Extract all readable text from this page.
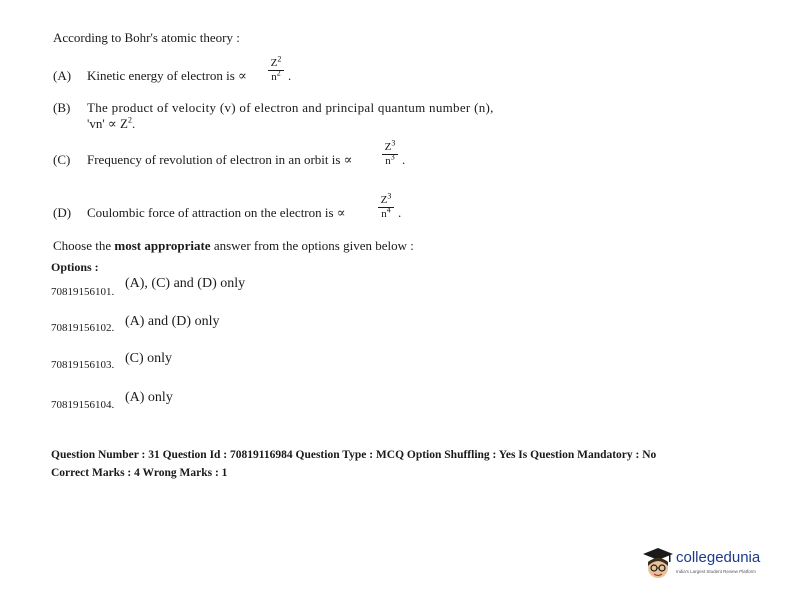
According to Bohr's atomic theory :
(A) Kinetic energy of electron is ∝
$Z^2$
$n^2$ .
(B) The product of velocity (v) of electron and principal quantum number (n),
'$vn' \propto Z^2$.
(C) Frequency of revolution of electron in an orbit is ∝
$Z^3$
$n^3$ .
(D) Coulombic force of attraction on the electron is ∝
$Z^3$
$n^4$ .
Choose the most appropriate answer from the options given below :
Options :
70819156101.
(A), (C) and (D) only
70819156102. (A) and (D) only
70819156103. (C) only
70819156104. (A) only
Question Number : 31 Question Id : 70819116984 Question Type : MCQ Option Shuffling : Yes Is Question Mandatory : No
Correct Marks : 4 Wrong Marks : 1
collegedunia
India's Largest Student Review Platform
